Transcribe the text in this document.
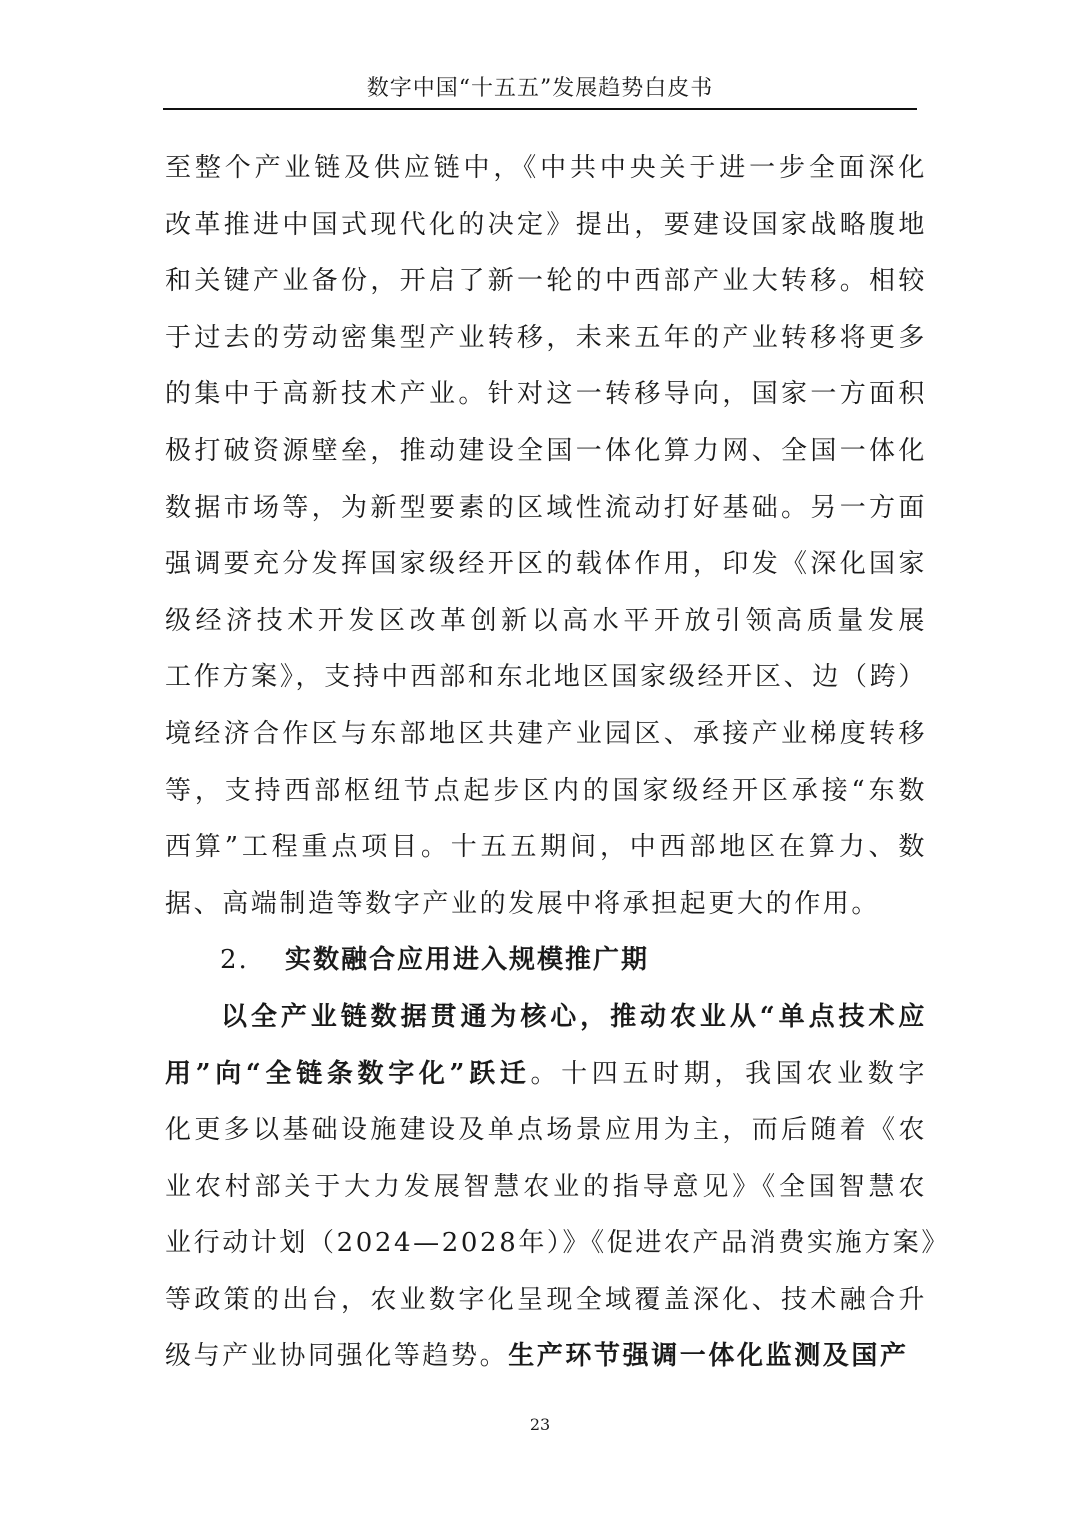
数字中国“十五五”发展趋势白皮书
至整个产业链及供应链中，《中共中央关于进一步全面深化
改革推进中国式现代化的决定》提出，要建设国家战略腹地
和关键产业备份，开启了新一轮的中西部产业大转移。相较
于过去的劳动密集型产业转移，未来五年的产业转移将更多
的集中于高新技术产业。针对这一转移导向，国家一方面积
极打破资源壁垒，推动建设全国一体化算力网、全国一体化
数据市场等，为新型要素的区域性流动打好基础。另一方面
强调要充分发挥国家级经开区的载体作用，印发《深化国家
级经济技术开发区改革创新以高水平开放引领高质量发展
工作方案》，支持中西部和东北地区国家级经开区、边（跨）
境经济合作区与东部地区共建产业园区、承接产业梯度转移
等，支持西部枢纽节点起步区内的国家级经开区承接“东数
西算”工程重点项目。十五五期间，中西部地区在算力、数
据、高端制造等数字产业的发展中将承担起更大的作用。
2. 实数融合应用进入规模推广期
以全产业链数据贯通为核心，推动农业从“单点技术应
用”向“全链条数字化”跃迁。十四五时期，我国农业数字
化更多以基础设施建设及单点场景应用为主，而后随着《农
业农村部关于大力发展智慧农业的指导意见》《全国智慧农
业行动计划（2024—2028年）》《促进农产品消费实施方案》
等政策的出台，农业数字化呈现全域覆盖深化、技术融合升
级与产业协同强化等趋势。生产环节强调一体化监测及国产
23
